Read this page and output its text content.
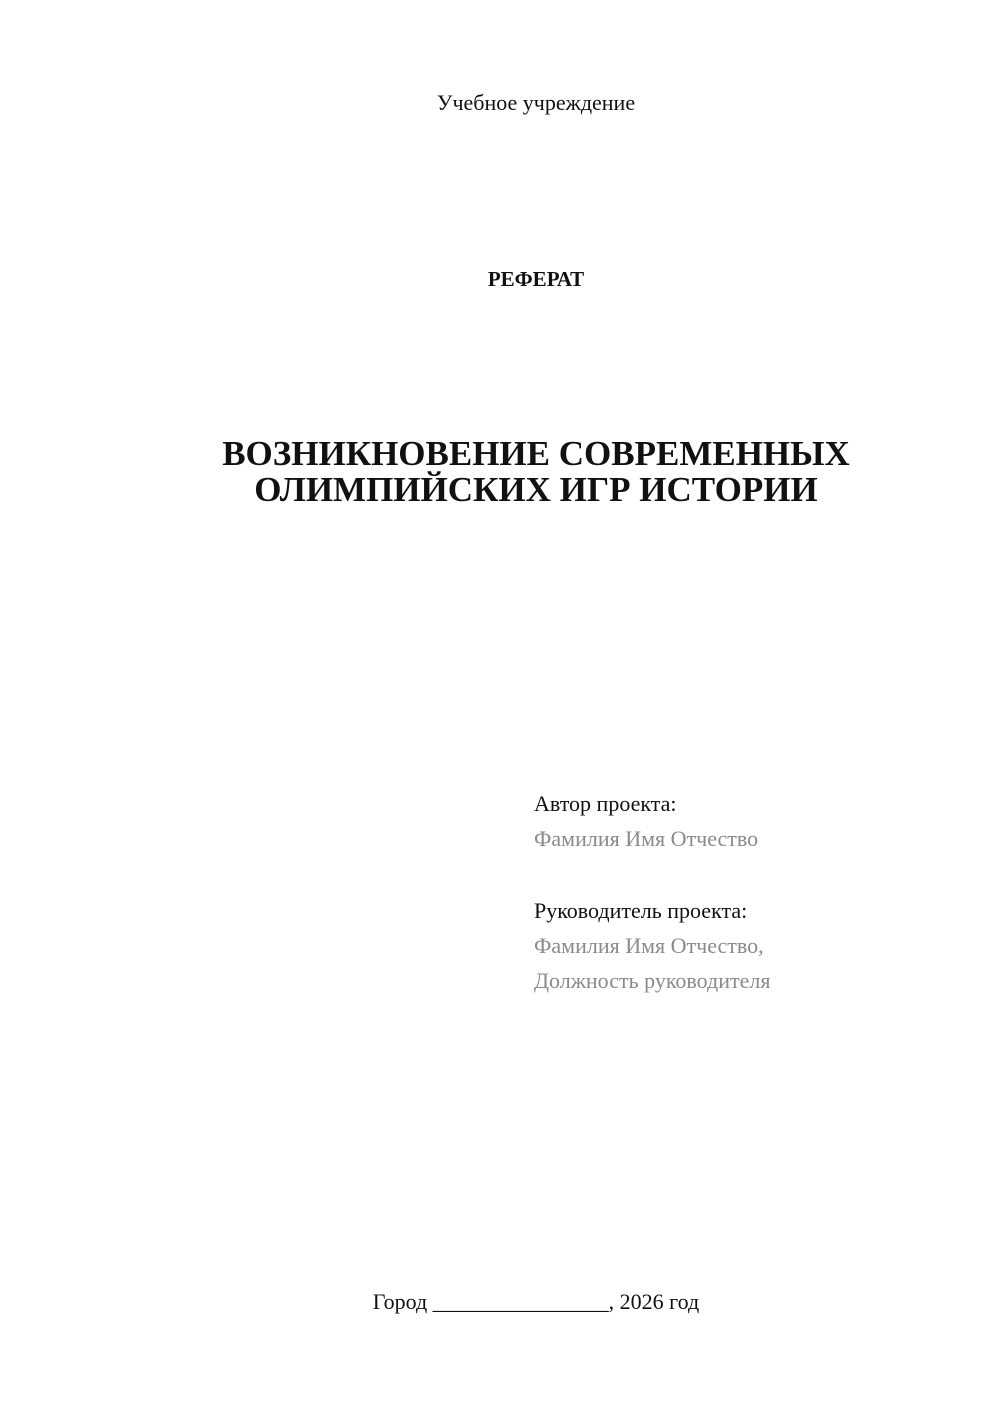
Учебное учреждение
РЕФЕРАТ
ВОЗНИКНОВЕНИЕ СОВРЕМЕННЫХ
ОЛИМПИЙСКИХ ИГР ИСТОРИИ
Автор проекта:
Фамилия Имя Отчество
Руководитель проекта:
Фамилия Имя Отчество,
Должность руководителя
Город ________________, 2026 год
